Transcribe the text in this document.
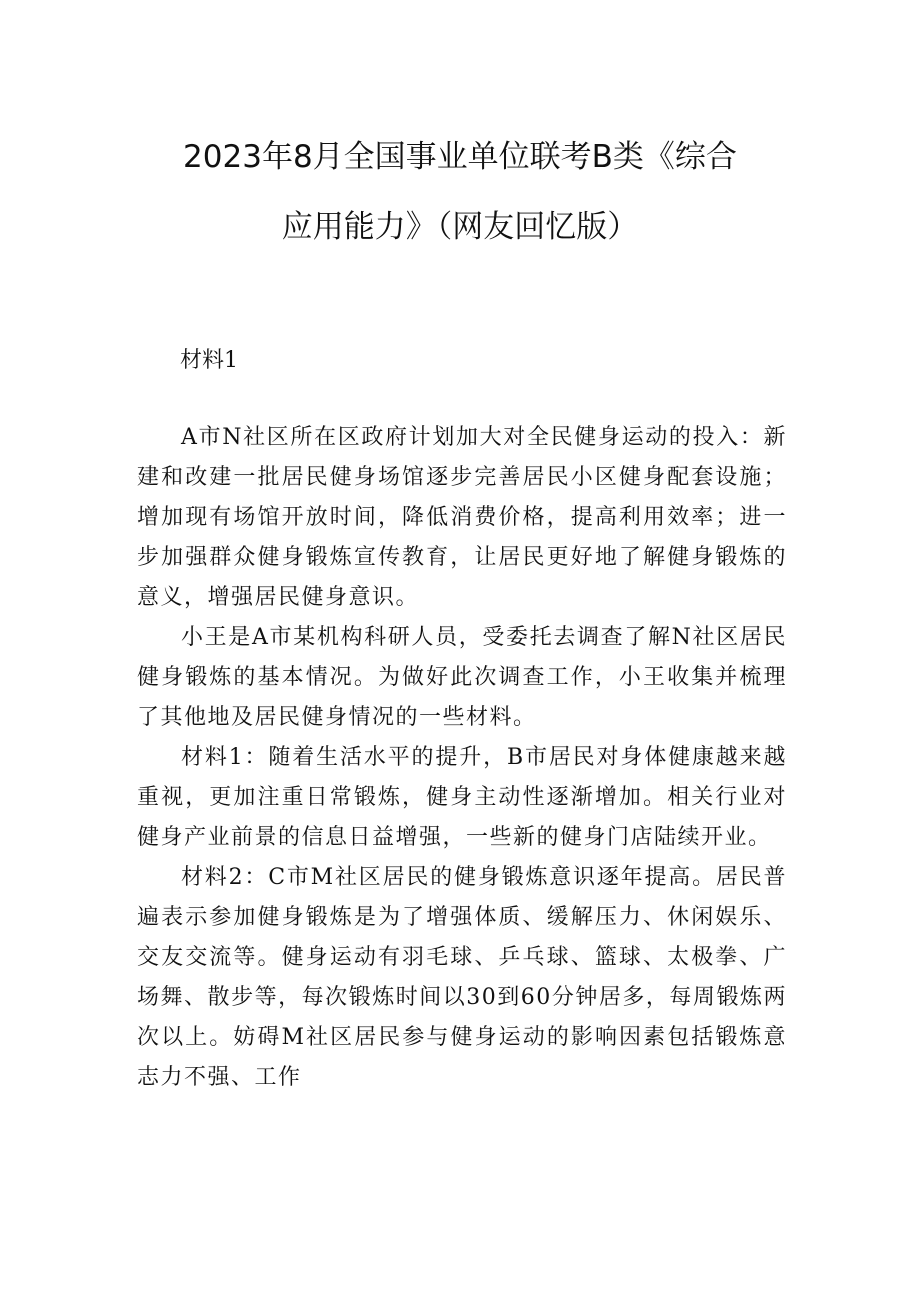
2023年8月全国事业单位联考B类《综合
应用能力》（网友回忆版）
材料1

A市N社区所在区政府计划加大对全民健身运动的投入：新建和改建一批居民健身场馆逐步完善居民小区健身配套设施；增加现有场馆开放时间，降低消费价格，提高利用效率；进一步加强群众健身锻炼宣传教育，让居民更好地了解健身锻炼的意义，增强居民健身意识。

小王是A市某机构科研人员，受委托去调查了解N社区居民健身锻炼的基本情况。为做好此次调查工作，小王收集并梳理了其他地及居民健身情况的一些材料。

材料1：随着生活水平的提升，B市居民对身体健康越来越重视，更加注重日常锻炼，健身主动性逐渐增加。相关行业对健身产业前景的信息日益增强，一些新的健身门店陆续开业。

材料2：C市M社区居民的健身锻炼意识逐年提高。居民普遍表示参加健身锻炼是为了增强体质、缓解压力、休闲娱乐、交友交流等。健身运动有羽毛球、乒乓球、篮球、太极拳、广场舞、散步等，每次锻炼时间以30到60分钟居多，每周锻炼两次以上。妨碍M社区居民参与健身运动的影响因素包括锻炼意志力不强、工作
